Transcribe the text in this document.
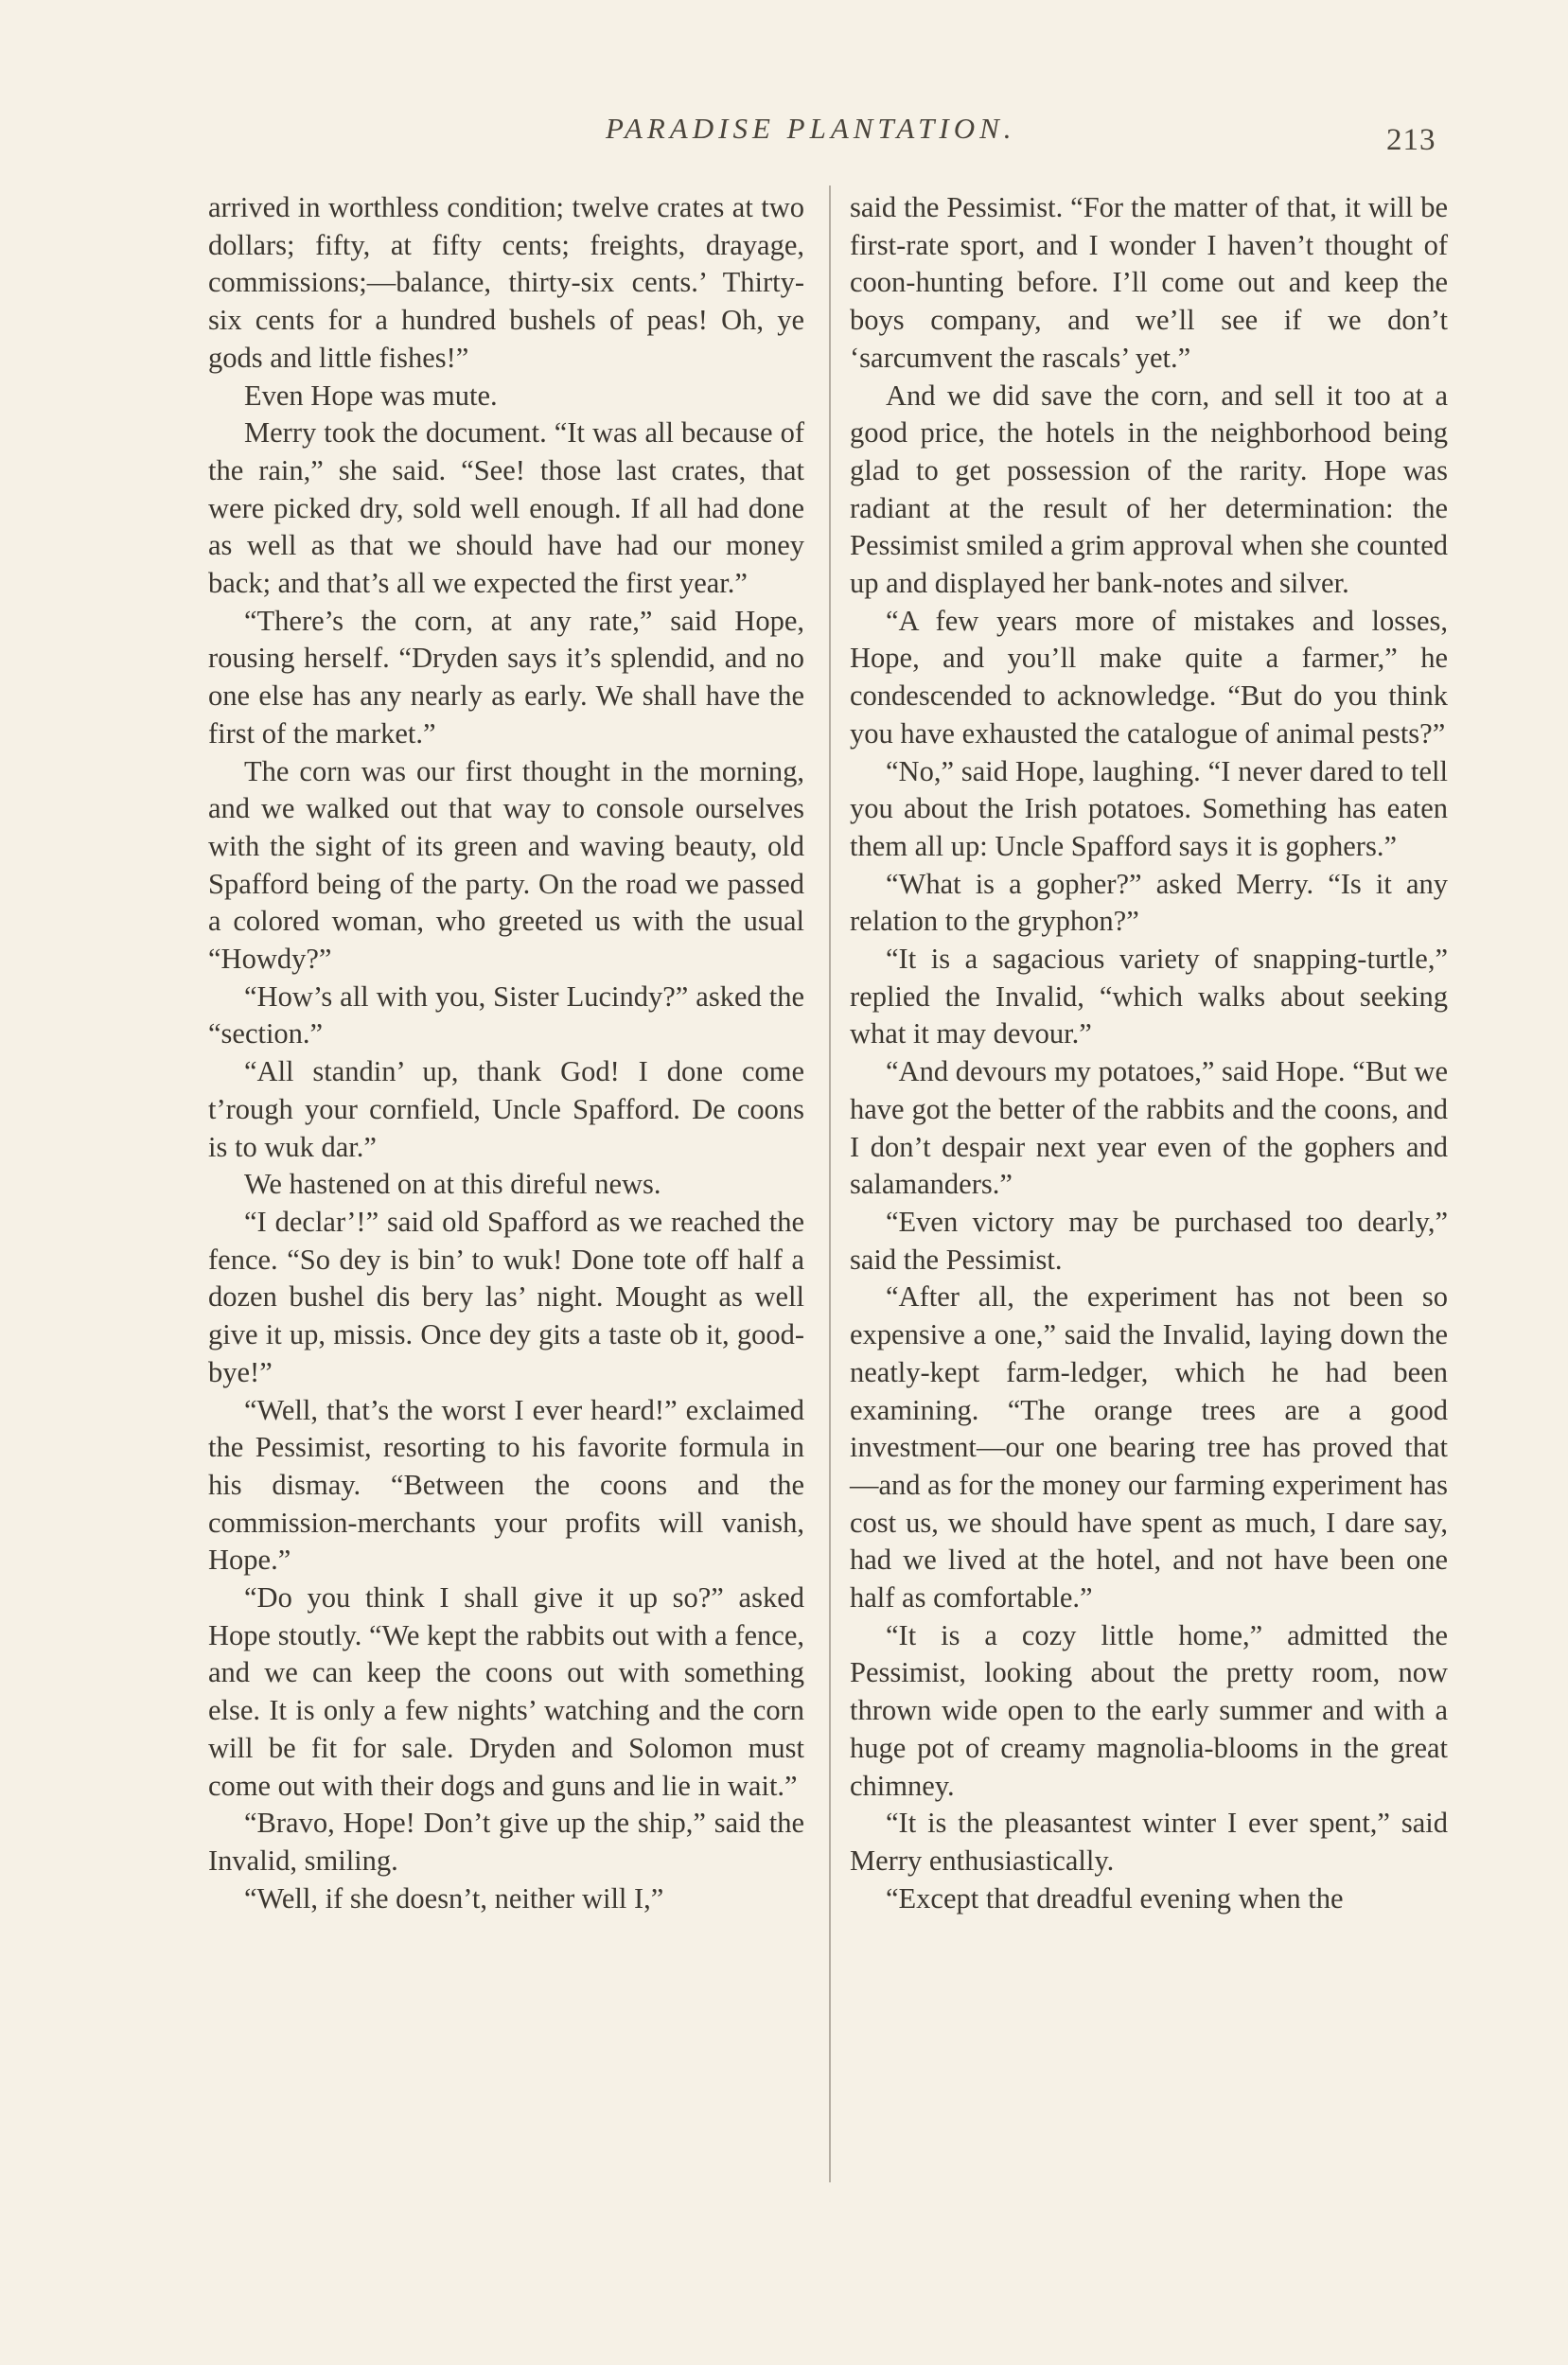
PARADISE PLANTATION.	213

arrived in worthless condition; twelve crates at two dollars; fifty, at fifty cents; freights, drayage, commissions;—balance, thirty-six cents.’ Thirty-six cents for a hundred bushels of peas! Oh, ye gods and little fishes!”

Even Hope was mute.

Merry took the document. “It was all because of the rain,” she said. “See! those last crates, that were picked dry, sold well enough. If all had done as well as that we should have had our money back; and that’s all we expected the first year.”

“There’s the corn, at any rate,” said Hope, rousing herself. “Dryden says it’s splendid, and no one else has any nearly as early. We shall have the first of the market.”

The corn was our first thought in the morning, and we walked out that way to console ourselves with the sight of its green and waving beauty, old Spafford being of the party. On the road we passed a colored woman, who greeted us with the usual “Howdy?”

“How’s all with you, Sister Lucindy?” asked the “section.”

“All standin’ up, thank God! I done come t’rough your cornfield, Uncle Spafford. De coons is to wuk dar.”

We hastened on at this direful news.

“I declar’!” said old Spafford as we reached the fence. “So dey is bin’ to wuk! Done tote off half a dozen bushel dis bery las’ night. Mought as well give it up, missis. Once dey gits a taste ob it, good-bye!”

“Well, that’s the worst I ever heard!” exclaimed the Pessimist, resorting to his favorite formula in his dismay. “Between the coons and the commission-merchants your profits will vanish, Hope.”

“Do you think I shall give it up so?” asked Hope stoutly. “We kept the rabbits out with a fence, and we can keep the coons out with something else. It is only a few nights’ watching and the corn will be fit for sale. Dryden and Solomon must come out with their dogs and guns and lie in wait.”

“Bravo, Hope! Don’t give up the ship,” said the Invalid, smiling.

“Well, if she doesn’t, neither will I,”

said the Pessimist. “For the matter of that, it will be first-rate sport, and I wonder I haven’t thought of coon-hunting before. I’ll come out and keep the boys company, and we’ll see if we don’t ‘sarcumvent the rascals’ yet.”

And we did save the corn, and sell it too at a good price, the hotels in the neighborhood being glad to get possession of the rarity. Hope was radiant at the result of her determination: the Pessimist smiled a grim approval when she counted up and displayed her bank-notes and silver.

“A few years more of mistakes and losses, Hope, and you’ll make quite a farmer,” he condescended to acknowledge. “But do you think you have exhausted the catalogue of animal pests?”

“No,” said Hope, laughing. “I never dared to tell you about the Irish potatoes. Something has eaten them all up: Uncle Spafford says it is gophers.”

“What is a gopher?” asked Merry. “Is it any relation to the gryphon?”

“It is a sagacious variety of snapping-turtle,” replied the Invalid, “which walks about seeking what it may devour.”

“And devours my potatoes,” said Hope. “But we have got the better of the rabbits and the coons, and I don’t despair next year even of the gophers and salamanders.”

“Even victory may be purchased too dearly,” said the Pessimist.

“After all, the experiment has not been so expensive a one,” said the Invalid, laying down the neatly-kept farm-ledger, which he had been examining. “The orange trees are a good investment—our one bearing tree has proved that—and as for the money our farming experiment has cost us, we should have spent as much, I dare say, had we lived at the hotel, and not have been one half as comfortable.”

“It is a cozy little home,” admitted the Pessimist, looking about the pretty room, now thrown wide open to the early summer and with a huge pot of creamy magnolia-blooms in the great chimney.

“It is the pleasantest winter I ever spent,” said Merry enthusiastically.

“Except that dreadful evening when the
